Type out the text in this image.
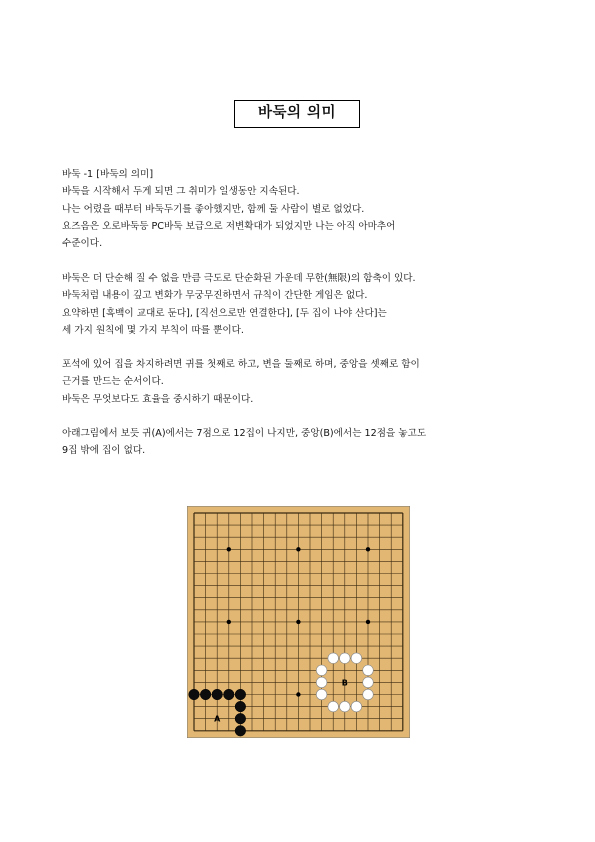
바둑의 의미

바둑 -1 [바둑의 의미]

바둑을 시작해서 두게 되면 그 취미가 일생동안 지속된다.

나는 어렸을 때부터 바둑두기를 좋아했지만, 함께 둘 사람이 별로 없었다.

요즈음은 오로바둑등 PC바둑 보급으로 저변확대가 되었지만 나는 아직 아마추어

수준이다.

바둑은 더 단순해 질 수 없을 만큼 극도로 단순화된 가운데 무한(無限)의 함축이 있다.

바둑처럼 내용이 깊고 변화가 무궁무진하면서 규칙이 간단한 게임은 없다.

요약하면 [흑백이 교대로 둔다], [직선으로만 연결한다], [두 집이 나야 산다]는

세 가지 원칙에 몇 가지 부칙이 따를 뿐이다.

포석에 있어 집을 차지하려면 귀를 첫째로 하고, 변을 둘째로 하며, 중앙을 셋째로 함이

근거를 만드는 순서이다.

바둑은 무엇보다도 효율을 중시하기 때문이다.

아래그림에서 보듯 귀(A)에서는 7점으로 12집이 나지만, 중앙(B)에서는 12점을 놓고도

9집 밖에 집이 없다.

A
B
